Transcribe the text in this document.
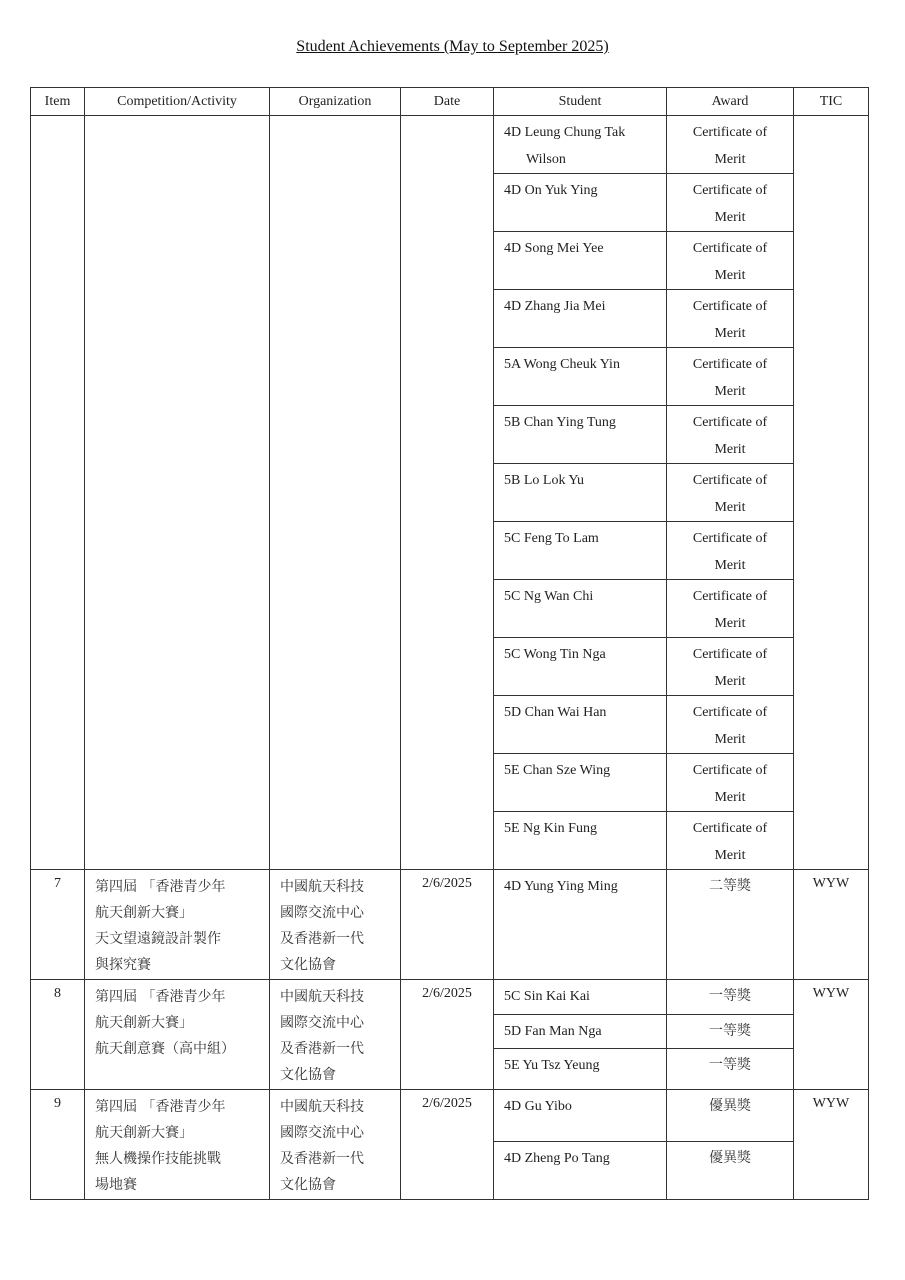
Student Achievements (May to September 2025)
Item	Competition/Activity	Organization	Date	Student	Award	TIC

				4D Leung Chung Tak
Wilson	Certificate of
Merit	

				4D On Yuk Ying	Certificate of
Merit	

				4D Song Mei Yee	Certificate of
Merit	

				4D Zhang Jia Mei	Certificate of
Merit	

				5A Wong Cheuk Yin	Certificate of
Merit	

				5B Chan Ying Tung	Certificate of
Merit	

				5B Lo Lok Yu	Certificate of
Merit	

				5C Feng To Lam	Certificate of
Merit	

				5C Ng Wan Chi	Certificate of
Merit	

				5C Wong Tin Nga	Certificate of
Merit	

				5D Chan Wai Han	Certificate of
Merit	

				5E Chan Sze Wing	Certificate of
Merit	

				5E Ng Kin Fung	Certificate of
Merit	

7	第四屆 「香港青少年
航天創新大賽」
天文望遠鏡設計製作
與探究賽	中國航天科技
國際交流中心
及香港新一代
文化協會	2/6/2025	4D Yung Ying Ming	二等獎	WYW
8	第四屆 「香港青少年
航天創新大賽」
航天創意賽（高中組）	中國航天科技
國際交流中心
及香港新一代
文化協會	2/6/2025	5C Sin Kai Kai	一等獎	WYW
				5D Fan Man Nga	一等獎	
				5E Yu Tsz Yeung	一等獎	
9	第四屆 「香港青少年
航天創新大賽」
無人機操作技能挑戰
場地賽	中國航天科技
國際交流中心
及香港新一代
文化協會	2/6/2025	4D Gu Yibo	優異獎	WYW
				4D Zheng Po Tang	優異獎	
